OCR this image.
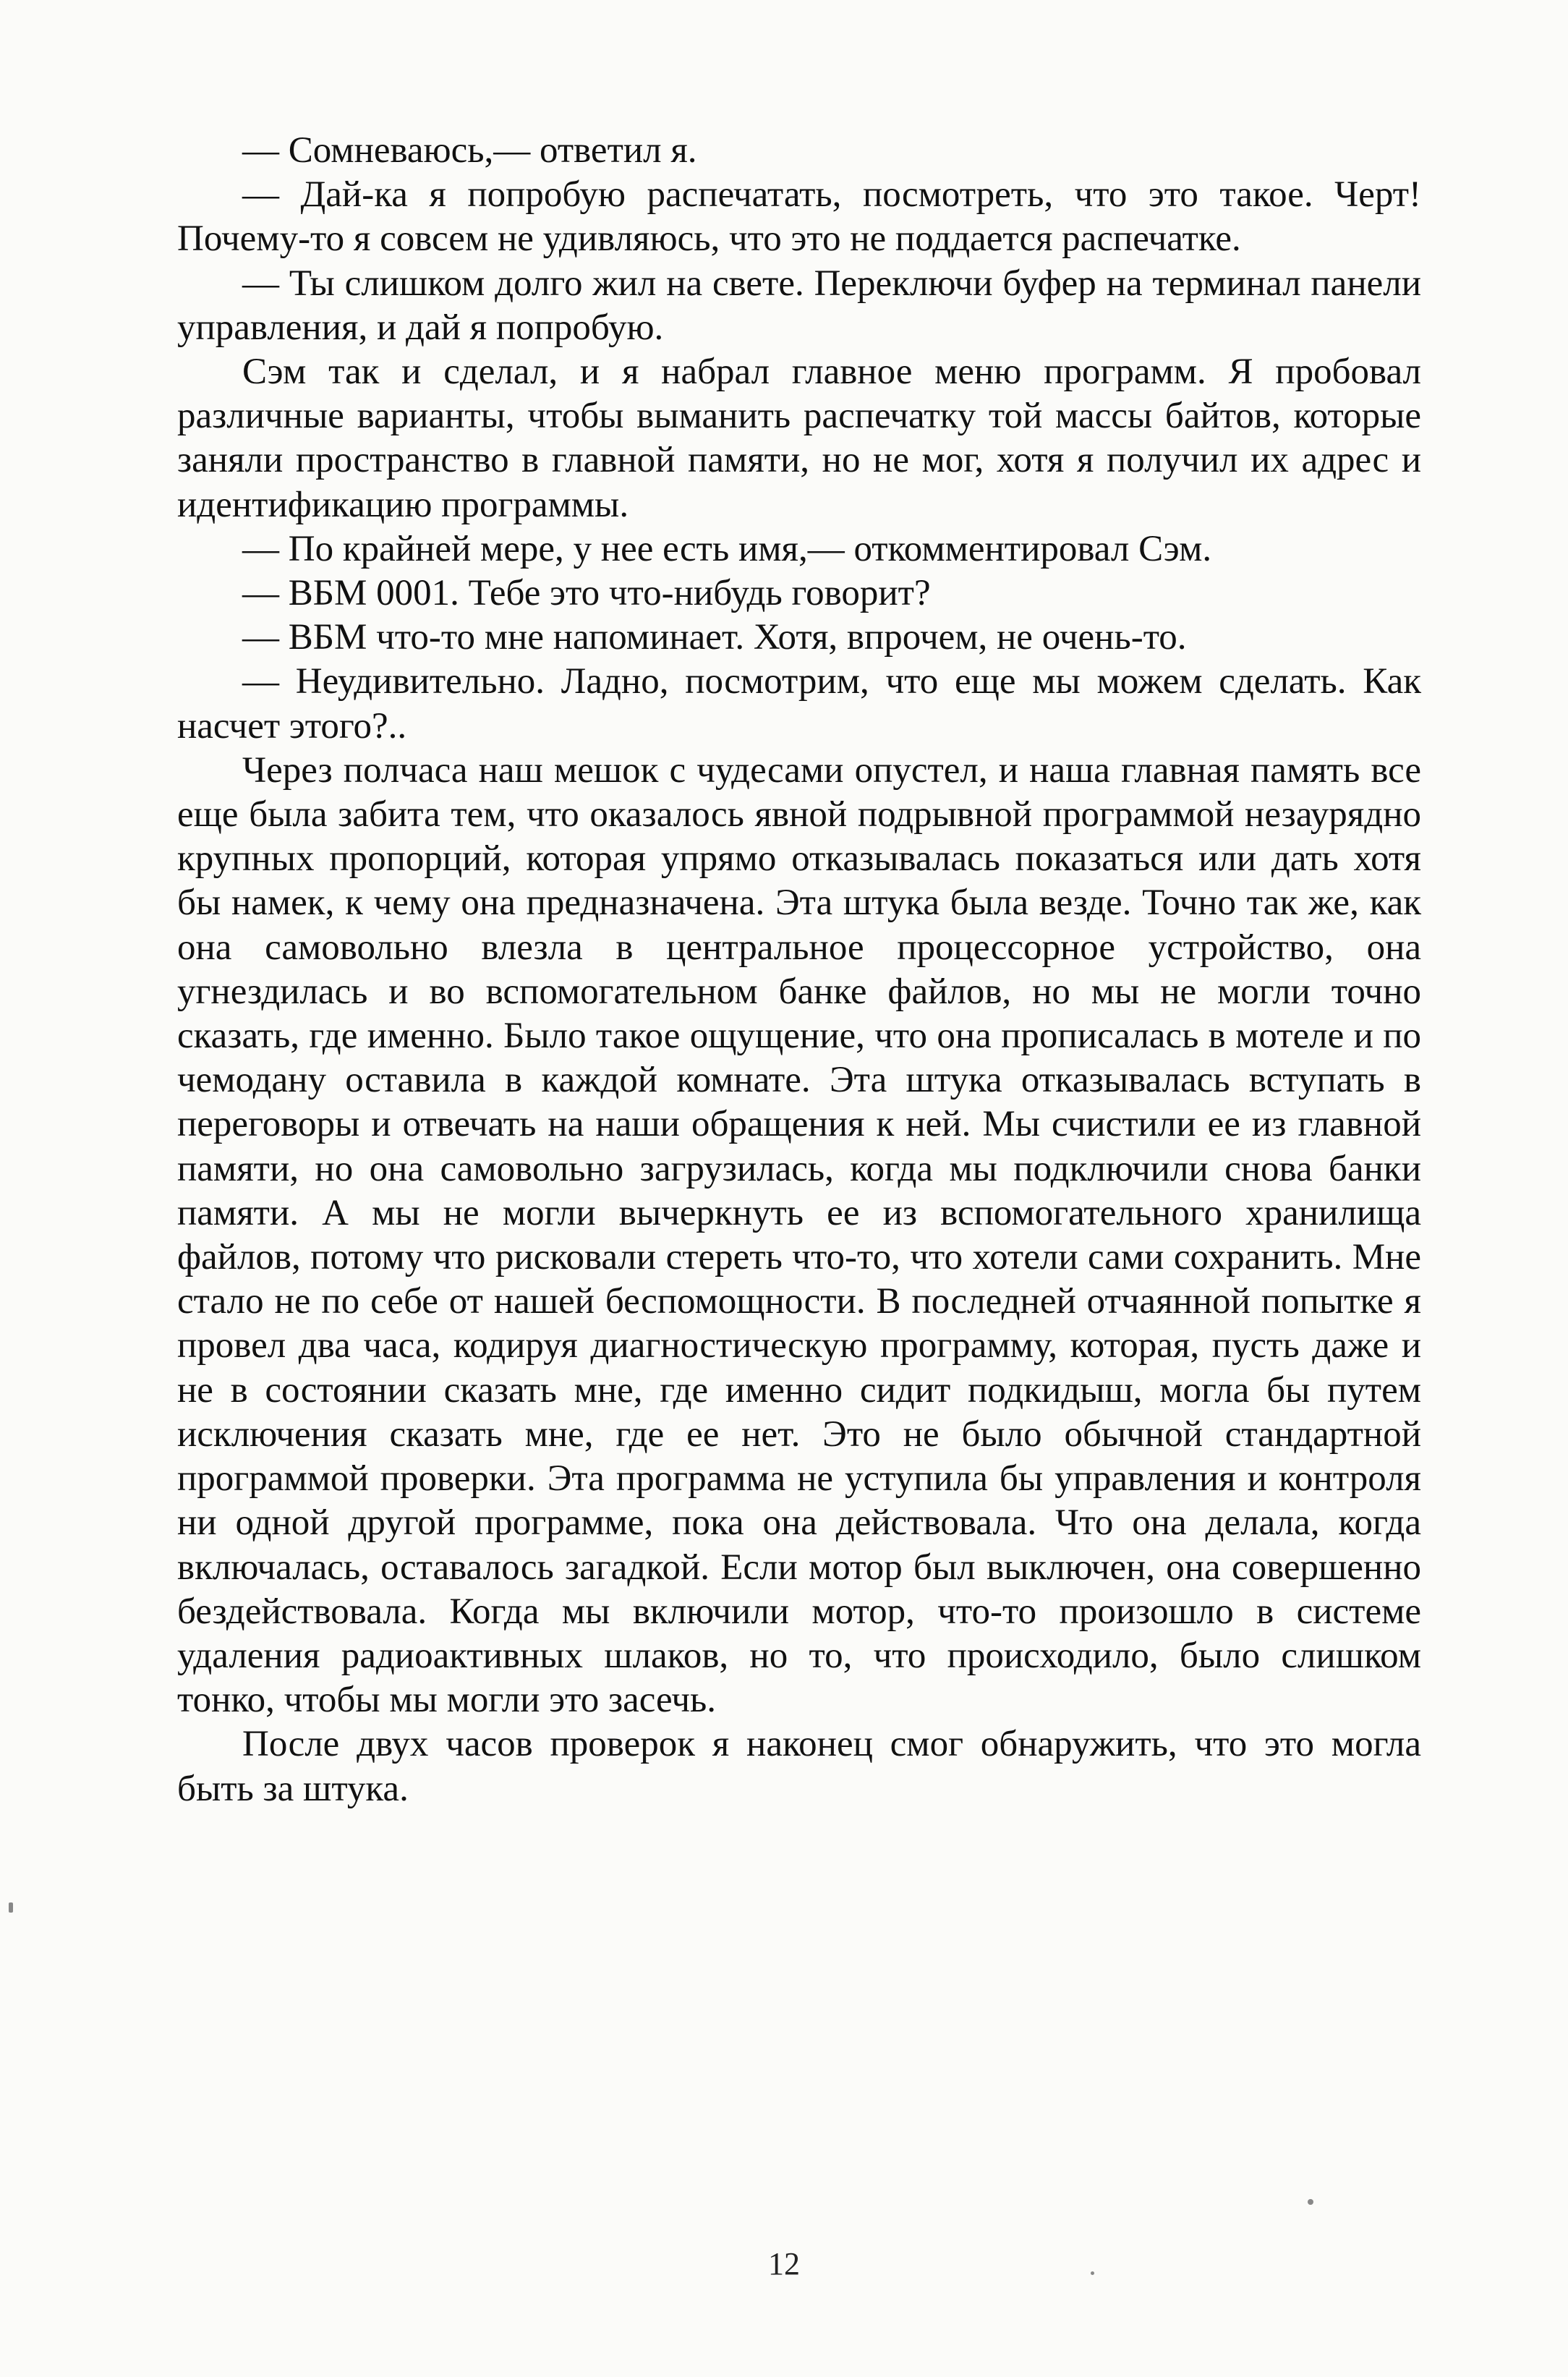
— Сомневаюсь,— ответил я.

— Дай-ка я попробую распечатать, посмотреть, что это такое. Черт! Почему-то я совсем не удивляюсь, что это не поддается распечатке.

— Ты слишком долго жил на свете. Переключи буфер на терминал панели управления, и дай я попробую.

Сэм так и сделал, и я набрал главное меню программ. Я пробовал различные варианты, чтобы выманить распечатку той массы байтов, которые заняли пространство в главной памяти, но не мог, хотя я получил их адрес и идентификацию программы.

— По крайней мере, у нее есть имя,— откомментировал Сэм.

— ВБМ 0001. Тебе это что-нибудь говорит?

— ВБМ что-то мне напоминает. Хотя, впрочем, не очень-то.

— Неудивительно. Ладно, посмотрим, что еще мы можем сделать. Как насчет этого?..

Через полчаса наш мешок с чудесами опустел, и наша главная память все еще была забита тем, что оказалось явной подрывной программой незаурядно крупных пропорций, которая упрямо отказывалась показаться или дать хотя бы намек, к чему она предназначена. Эта штука была везде. Точно так же, как она самовольно влезла в центральное процессорное устройство, она угнездилась и во вспомогательном банке файлов, но мы не могли точно сказать, где именно. Было такое ощущение, что она прописалась в мотеле и по чемодану оставила в каждой комнате. Эта штука отказывалась вступать в переговоры и отвечать на наши обращения к ней. Мы счистили ее из главной памяти, но она самовольно загрузилась, когда мы подключили снова банки памяти. А мы не могли вычеркнуть ее из вспомогательного хранилища файлов, потому что рисковали стереть что-то, что хотели сами сохранить. Мне стало не по себе от нашей беспомощности. В последней отчаянной попытке я провел два часа, кодируя диагностическую программу, которая, пусть даже и не в состоянии сказать мне, где именно сидит подкидыш, могла бы путем исключения сказать мне, где ее нет. Это не было обычной стандартной программой проверки. Эта программа не уступила бы управления и контроля ни одной другой программе, пока она действовала. Что она делала, когда включалась, оставалось загадкой. Если мотор был выключен, она совершенно бездействовала. Когда мы включили мотор, что-то произошло в системе удаления радиоактивных шлаков, но то, что происходило, было слишком тонко, чтобы мы могли это засечь.

После двух часов проверок я наконец смог обнаружить, что это могла быть за штука.

12
